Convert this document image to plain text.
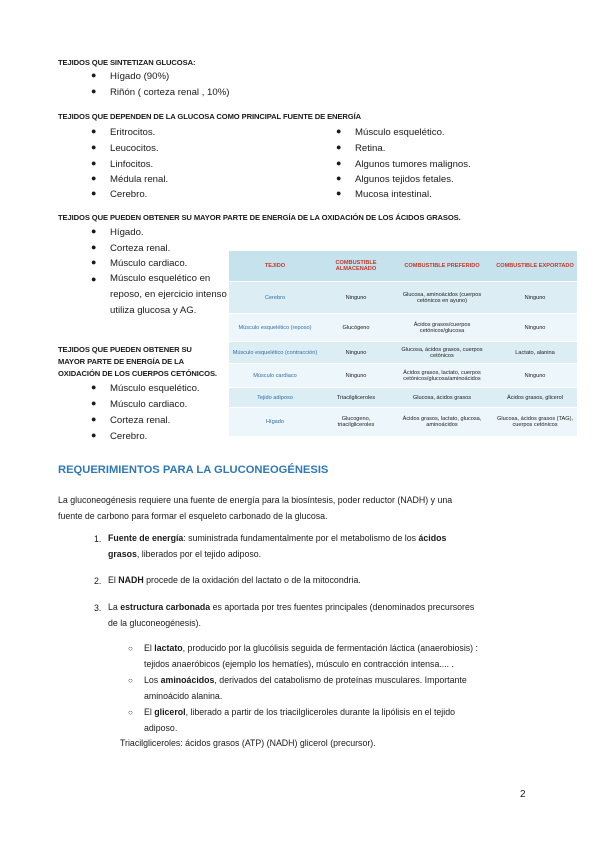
TEJIDOS QUE SINTETIZAN GLUCOSA:
● Hígado (90%)
● Riñón ( corteza renal , 10%)
TEJIDOS QUE DEPENDEN DE LA GLUCOSA COMO PRINCIPAL FUENTE DE ENERGÍA
● Eritrocitos.
● Leucocitos.
● Linfocitos.
● Médula renal.
● Cerebro.
● Músculo esquelético.
● Retina.
● Algunos tumores malignos.
● Algunos tejidos fetales.
● Mucosa intestinal.
TEJIDOS QUE PUEDEN OBTENER SU MAYOR PARTE DE ENERGÍA DE LA OXIDACIÓN DE LOS ÁCIDOS GRASOS.
● Hígado.
● Corteza renal.
● Músculo cardiaco.
● Músculo esquelético en reposo, en ejercicio intenso utiliza glucosa y AG.
TEJIDOS QUE PUEDEN OBTENER SU
MAYOR PARTE DE ENERGÍA DE LA
OXIDACIÓN DE LOS CUERPOS CETÓNICOS.
● Músculo esquelético.
● Músculo cardiaco.
● Corteza renal.
● Cerebro.
TEJIDO	COMBUSTIBLE ALMACENADO	COMBUSTIBLE PREFERIDO	COMBUSTIBLE EXPORTADO
Cerebro	Ninguno	Glucosa, aminoácidos (cuerpos cetónicos en ayuno)	Ninguno
Músculo esquelético (reposo)	Glucógeno	Ácidos grasos/cuerpos cetónicos/glucosa	Ninguno
Músculo esquelético (contracción)	Ninguno	Glucosa, ácidos grasos, cuerpos cetónicos	Lactato, alanina
Músculo cardiaco	Ninguno	Ácidos grasos, lactato, cuerpos cetónicos/glucosa/aminoácidos	Ninguno
Tejido adiposo	Triacilgliceroles	Glucosa, ácidos grasos	Ácidos grasos, glicerol
Hígado	Glucogeno, triacilgliceroles	Ácidos grasos, lactato, glucosa, aminoácidos	Glucosa, ácidos grasos (TAG), cuerpos cetónicos
REQUERIMIENTOS PARA LA GLUCONEOGÉNESIS
La gluconeogénesis requiere una fuente de energía para la biosíntesis, poder reductor (NADH) y una
fuente de carbono para formar el esqueleto carbonado de la glucosa.
1. Fuente de energía: suministrada fundamentalmente por el metabolismo de los ácidos
grasos, liberados por el tejido adiposo.
2. El NADH procede de la oxidación del lactato o de la mitocondria.
3. La estructura carbonada es aportada por tres fuentes principales (denominados precursores
de la gluconeogénesis).
○ El lactato, producido por la glucólisis seguida de fermentación láctica (anaerobiosis) :
tejidos anaeróbicos (ejemplo los hematíes), músculo en contracción intensa.... .
○ Los aminoácidos, derivados del catabolismo de proteínas musculares. Importante
aminoácido alanina.
○ El glicerol, liberado a partir de los triacilgliceroles durante la lipólisis en el tejido
adiposo.
Triacilgliceroles: ácidos grasos (ATP) (NADH) glicerol (precursor).
2
